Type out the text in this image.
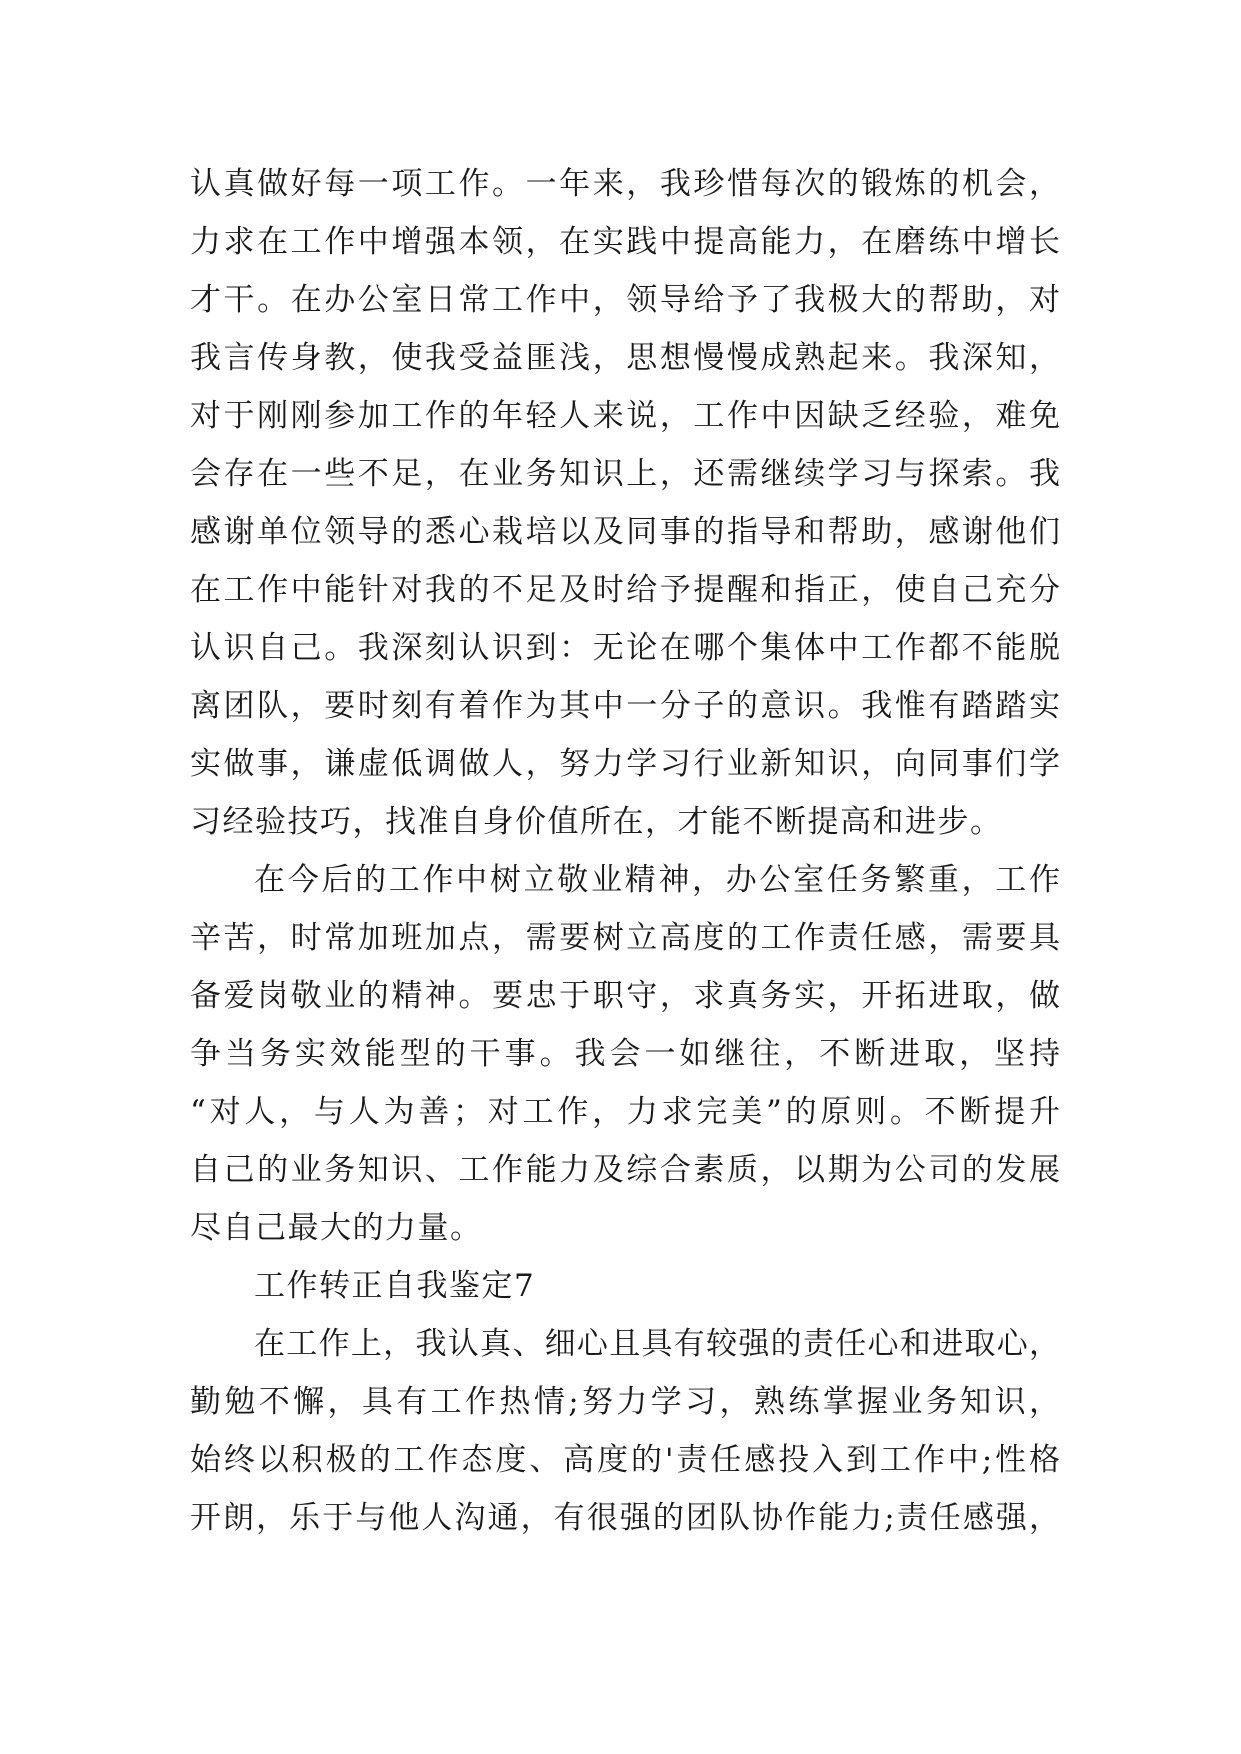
认真做好每一项工作。一年来，我珍惜每次的锻炼的机会，
力求在工作中增强本领，在实践中提高能力，在磨练中增长
才干。在办公室日常工作中，领导给予了我极大的帮助，对
我言传身教，使我受益匪浅，思想慢慢成熟起来。我深知，
对于刚刚参加工作的年轻人来说，工作中因缺乏经验，难免
会存在一些不足，在业务知识上，还需继续学习与探索。我
感谢单位领导的悉心栽培以及同事的指导和帮助，感谢他们
在工作中能针对我的不足及时给予提醒和指正，使自己充分
认识自己。我深刻认识到：无论在哪个集体中工作都不能脱
离团队，要时刻有着作为其中一分子的意识。我惟有踏踏实
实做事，谦虚低调做人，努力学习行业新知识，向同事们学
习经验技巧，找准自身价值所在，才能不断提高和进步。
在今后的工作中树立敬业精神，办公室任务繁重，工作
辛苦，时常加班加点，需要树立高度的工作责任感，需要具
备爱岗敬业的精神。要忠于职守，求真务实，开拓进取，做
争当务实效能型的干事。我会一如继往，不断进取，坚持
“对人，与人为善；对工作，力求完美”的原则。不断提升
自己的业务知识、工作能力及综合素质，以期为公司的发展
尽自己最大的力量。
工作转正自我鉴定7
在工作上，我认真、细心且具有较强的责任心和进取心，
勤勉不懈，具有工作热情;努力学习，熟练掌握业务知识，
始终以积极的工作态度、高度的'责任感投入到工作中;性格
开朗，乐于与他人沟通，有很强的团队协作能力;责任感强，
